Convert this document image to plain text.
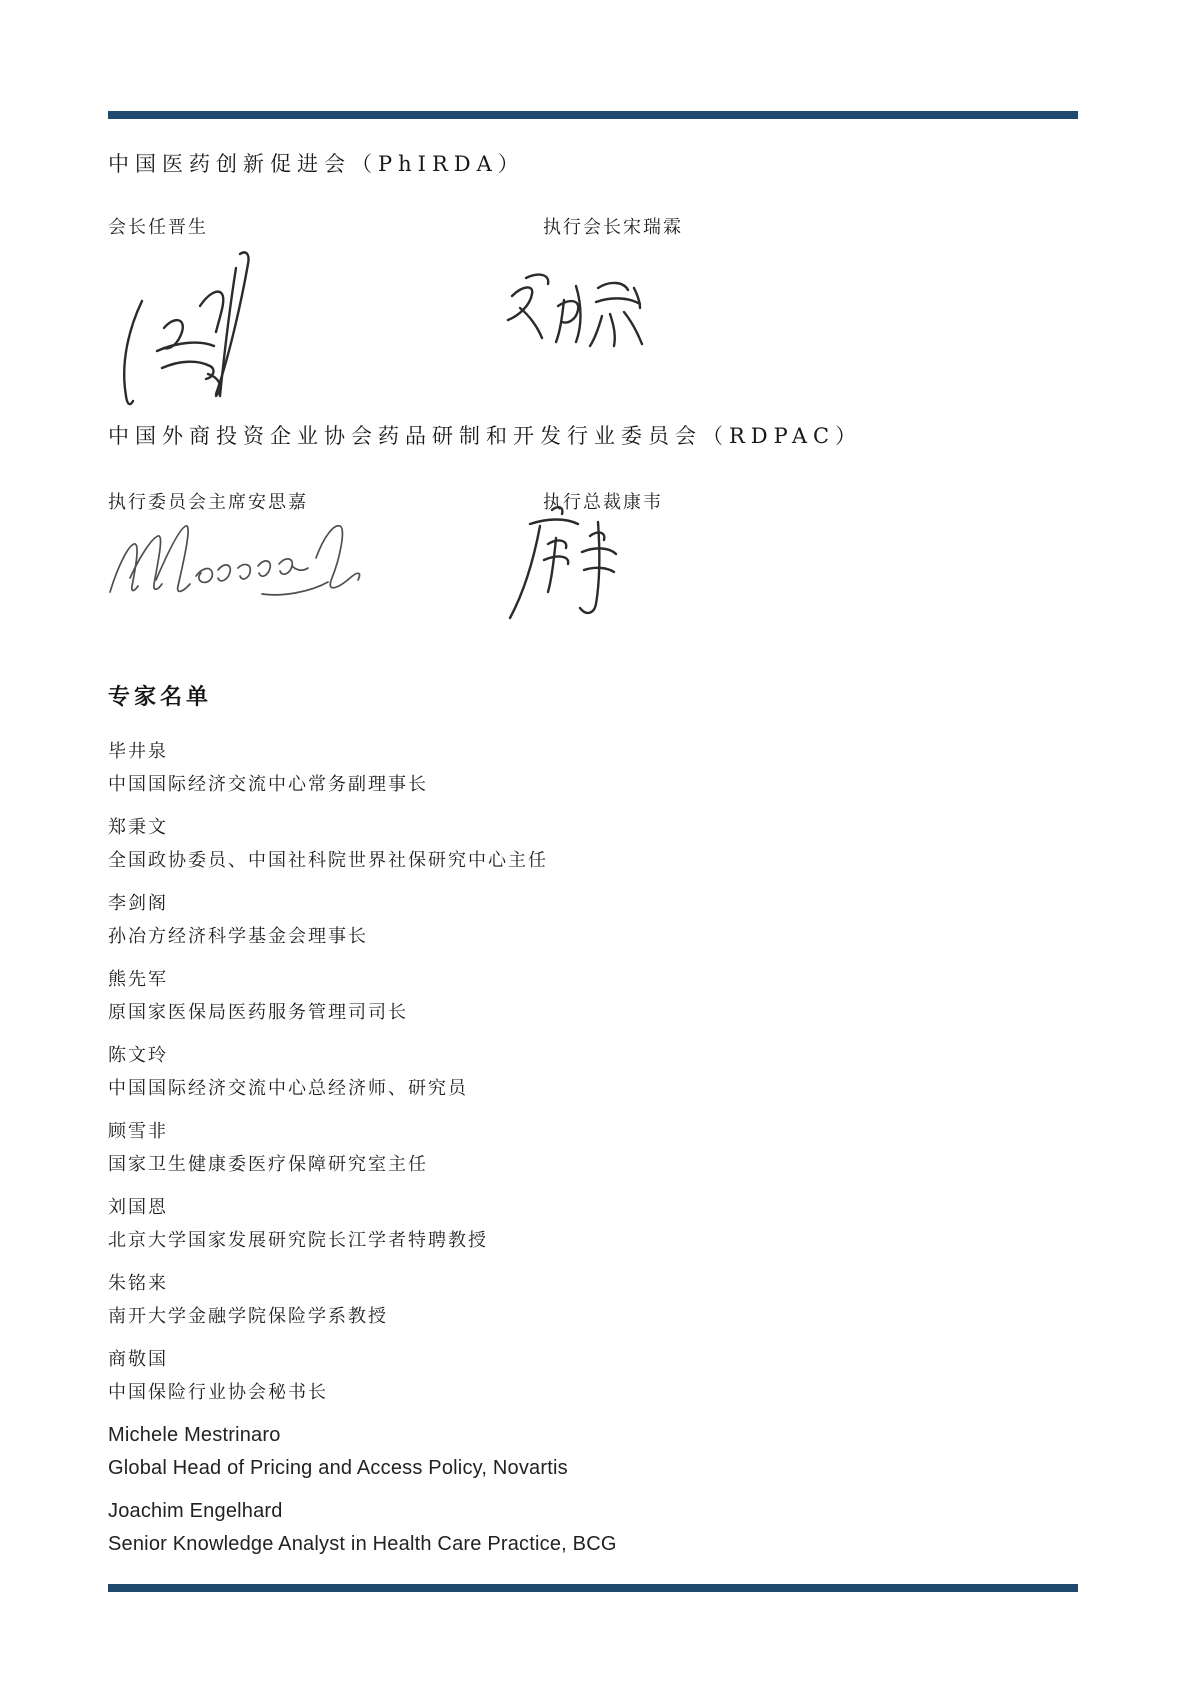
中国医药创新促进会（PhIRDA）
会长任晋生	执行会长宋瑞霖
中国外商投资企业协会药品研制和开发行业委员会（RDPAC）
执行委员会主席安思嘉	执行总裁康韦
专家名单
毕井泉
中国国际经济交流中心常务副理事长
郑秉文
全国政协委员、中国社科院世界社保研究中心主任
李剑阁
孙冶方经济科学基金会理事长
熊先军
原国家医保局医药服务管理司司长
陈文玲
中国国际经济交流中心总经济师、研究员
顾雪非
国家卫生健康委医疗保障研究室主任
刘国恩
北京大学国家发展研究院长江学者特聘教授
朱铭来
南开大学金融学院保险学系教授
商敬国
中国保险行业协会秘书长
Michele Mestrinaro
Global Head of Pricing and Access Policy, Novartis
Joachim Engelhard
Senior Knowledge Analyst in Health Care Practice, BCG
